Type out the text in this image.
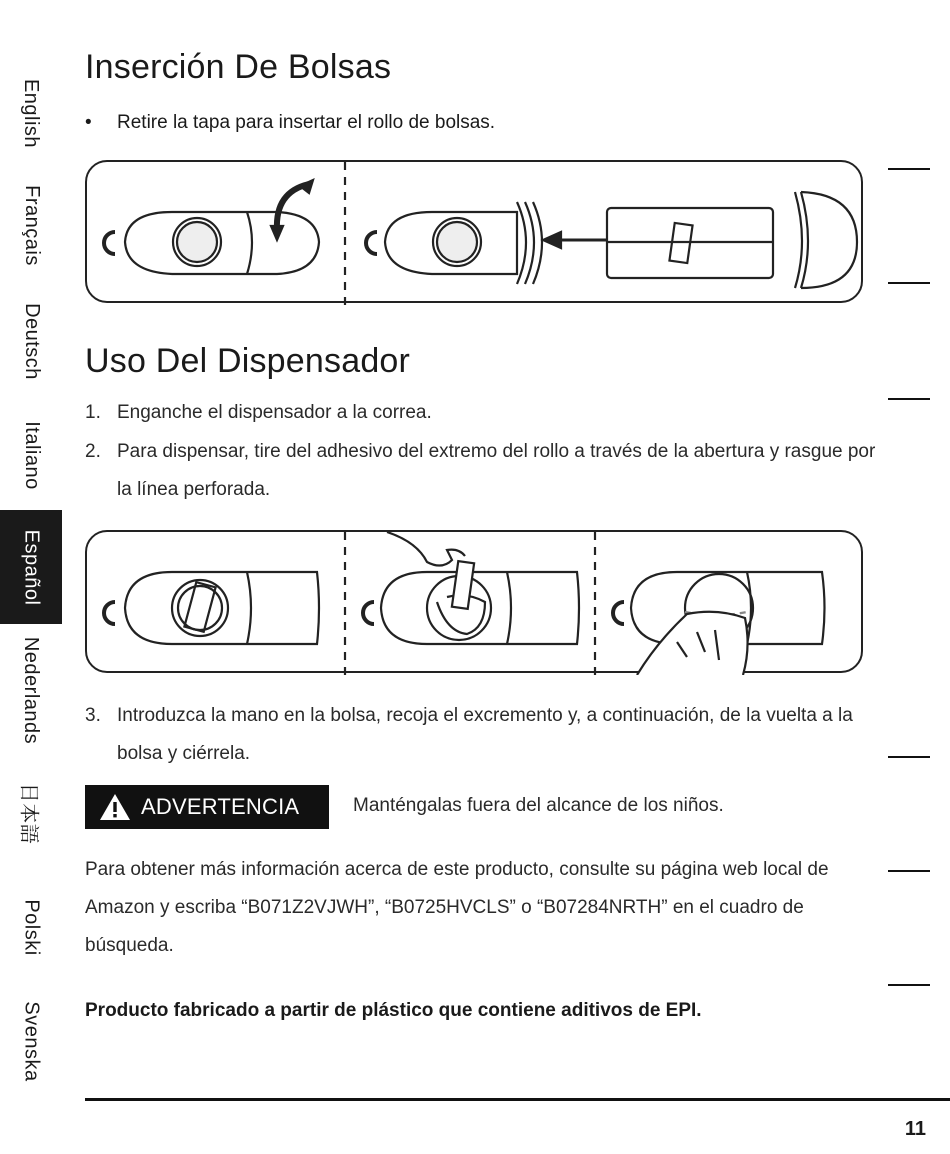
Inserción De Bolsas
• Retire la tapa para insertar el rollo de bolsas.
Uso Del Dispensador
1. Enganche el dispensador a la correa.
2. Para dispensar, tire del adhesivo del extremo del rollo a través de la abertura y rasgue por la línea perforada.
3. Introduzca la mano en la bolsa, recoja el excremento y, a continuación, de la vuelta a la bolsa y ciérrela.
ADVERTENCIA	Manténgalas fuera del alcance de los niños.
Para obtener más información acerca de este producto, consulte su página web local de Amazon y escriba “B071Z2VJWH”, “B0725HVCLS” o “B07284NRTH” en el cuadro de búsqueda.
Producto fabricado a partir de plástico que contiene aditivos de EPI.
11
English
Français
Deutsch
Italiano
Español
Nederlands
日本語
Polski
Svenska
